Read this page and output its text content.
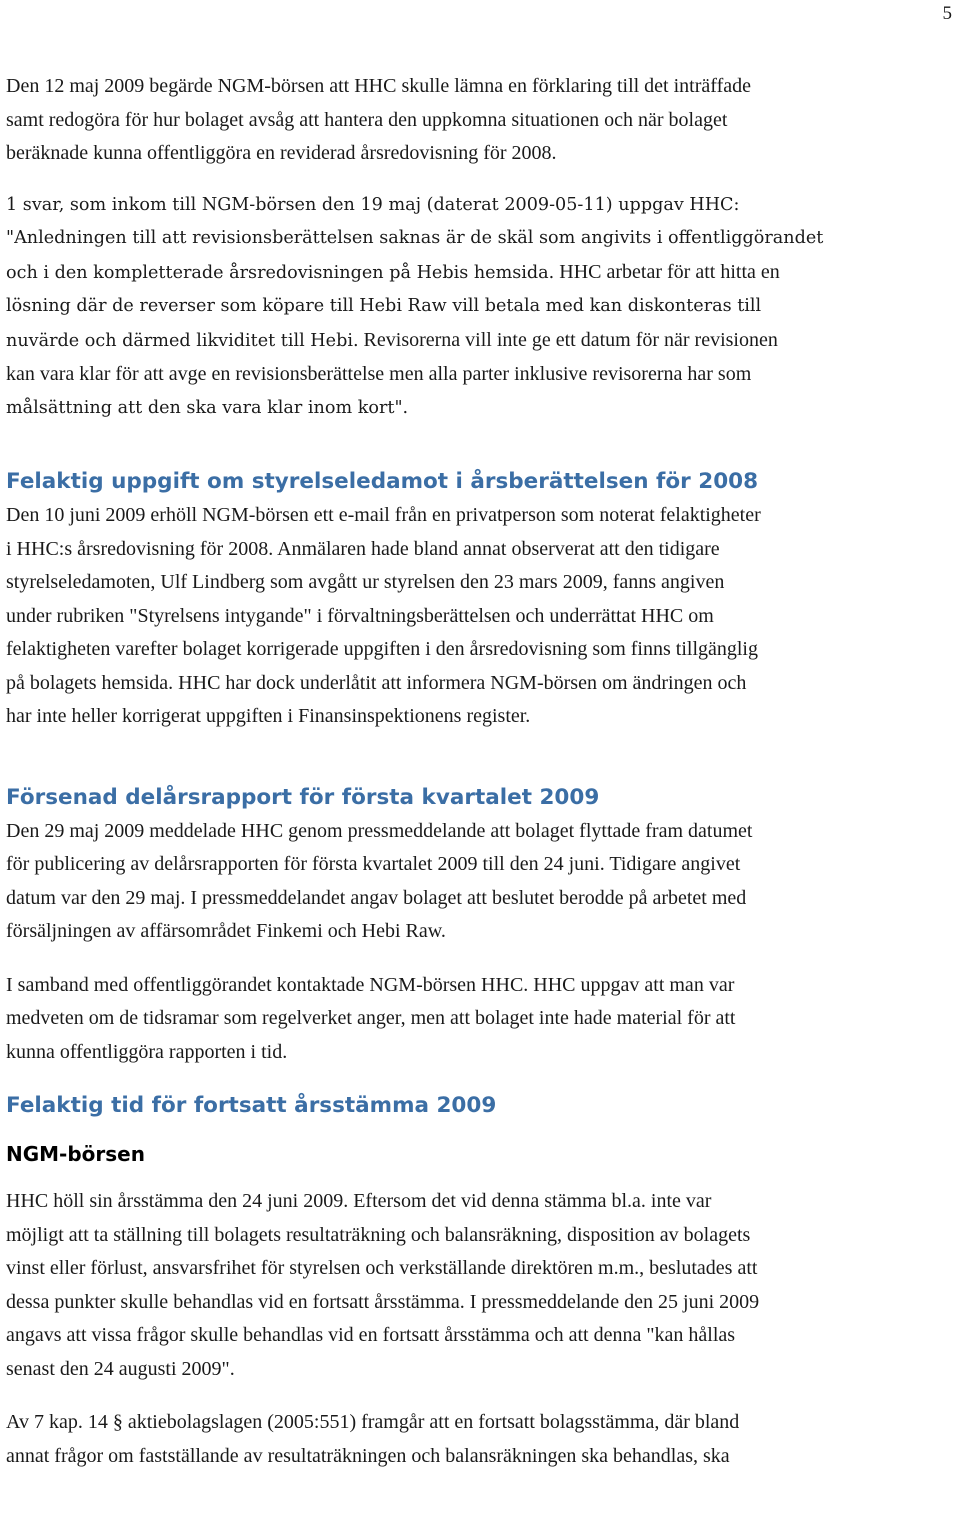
5

Den 12 maj 2009 begärde NGM-börsen att HHC skulle lämna en förklaring till det inträffade
samt redogöra för hur bolaget avsåg att hantera den uppkomna situationen och när bolaget
beräknade kunna offentliggöra en reviderad årsredovisning för 2008.

1 svar, som inkom till NGM-börsen den 19 maj (daterat 2009-05-11) uppgav HHC:
"Anledningen till att revisionsberättelsen saknas är de skäl som angivits i offentliggörandet
och i den kompletterade årsredovisningen på Hebis hemsida. HHC arbetar för att hitta en
lösning där de reverser som köpare till Hebi Raw vill betala med kan diskonteras till
nuvärde och därmed likviditet till Hebi. Revisorerna vill inte ge ett datum för när revisionen
kan vara klar för att avge en revisionsberättelse men alla parter inklusive revisorerna har som
målsättning att den ska vara klar inom kort".

Felaktig uppgift om styrelseledamot i årsberättelsen för 2008

Den 10 juni 2009 erhöll NGM-börsen ett e-mail från en privatperson som noterat felaktigheter
i HHC:s årsredovisning för 2008. Anmälaren hade bland annat observerat att den tidigare
styrelseledamoten, Ulf Lindberg som avgått ur styrelsen den 23 mars 2009, fanns angiven
under rubriken "Styrelsens intygande" i förvaltningsberättelsen och underrättat HHC om
felaktigheten varefter bolaget korrigerade uppgiften i den årsredovisning som finns tillgänglig
på bolagets hemsida. HHC har dock underlåtit att informera NGM-börsen om ändringen och
har inte heller korrigerat uppgiften i Finansinspektionens register.

Försenad delårsrapport för första kvartalet 2009

Den 29 maj 2009 meddelade HHC genom pressmeddelande att bolaget flyttade fram datumet
för publicering av delårsrapporten för första kvartalet 2009 till den 24 juni. Tidigare angivet
datum var den 29 maj. I pressmeddelandet angav bolaget att beslutet berodde på arbetet med
försäljningen av affärsområdet Finkemi och Hebi Raw.

I samband med offentliggörandet kontaktade NGM-börsen HHC. HHC uppgav att man var
medveten om de tidsramar som regelverket anger, men att bolaget inte hade material för att
kunna offentliggöra rapporten i tid.

Felaktig tid för fortsatt årsstämma 2009
NGM-börsen

HHC höll sin årsstämma den 24 juni 2009. Eftersom det vid denna stämma bl.a. inte var
möjligt att ta ställning till bolagets resultaträkning och balansräkning, disposition av bolagets
vinst eller förlust, ansvarsfrihet för styrelsen och verkställande direktören m.m., beslutades att
dessa punkter skulle behandlas vid en fortsatt årsstämma. I pressmeddelande den 25 juni 2009
angavs att vissa frågor skulle behandlas vid en fortsatt årsstämma och att denna "kan hållas
senast den 24 augusti 2009".

Av 7 kap. 14 § aktiebolagslagen (2005:551) framgår att en fortsatt bolagsstämma, där bland
annat frågor om fastställande av resultaträkningen och balansräkningen ska behandlas, ska
